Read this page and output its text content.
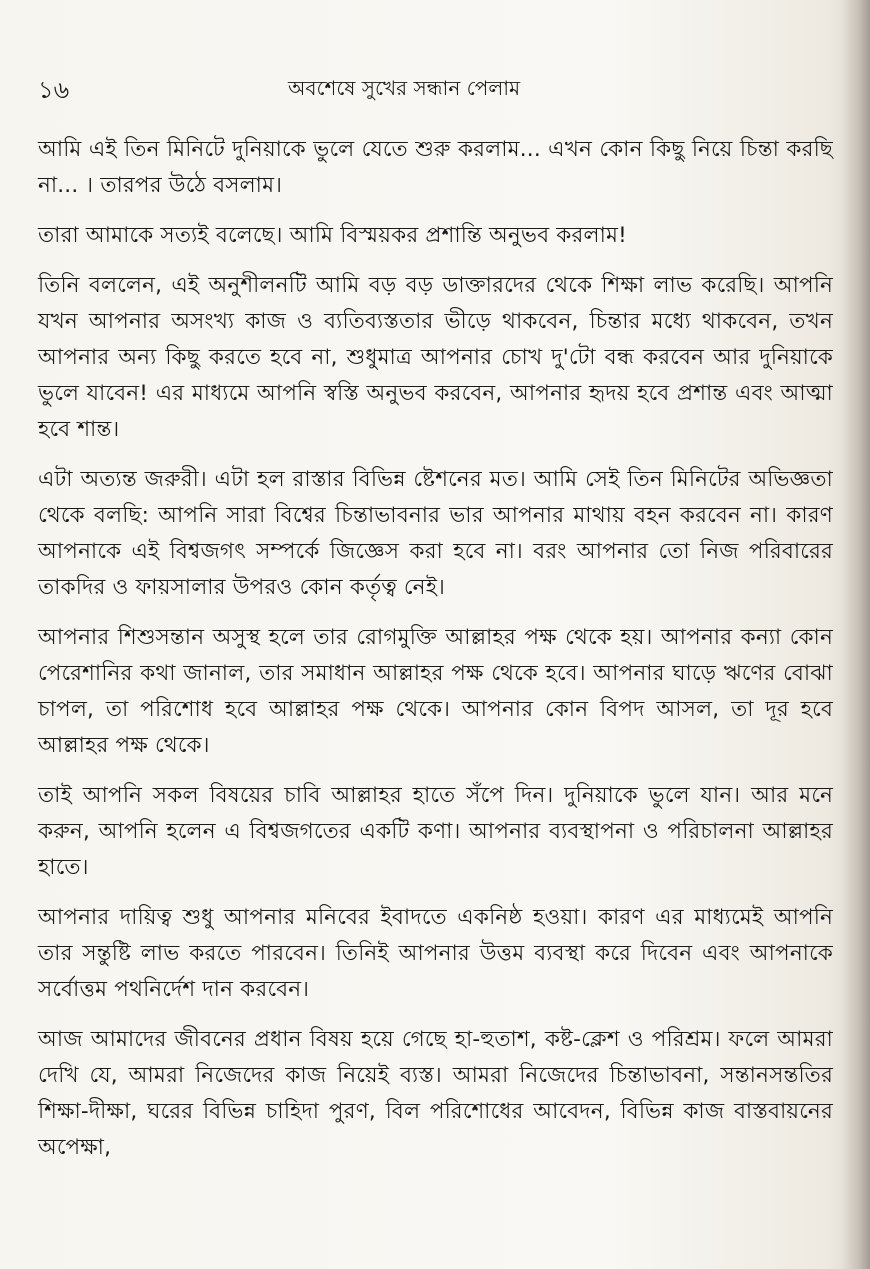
১৬	অবশেষে সুখের সন্ধান পেলাম

আমি এই তিন মিনিটে দুনিয়াকে ভুলে যেতে শুরু করলাম... এখন কোন কিছু নিয়ে চিন্তা করছি না... । তারপর উঠে বসলাম।

তারা আমাকে সত্যই বলেছে। আমি বিস্ময়কর প্রশান্তি অনুভব করলাম!

তিনি বললেন, এই অনুশীলনটি আমি বড় বড় ডাক্তারদের থেকে শিক্ষা লাভ করেছি। আপনি যখন আপনার অসংখ্য কাজ ও ব্যতিব্যস্ততার ভীড়ে থাকবেন, চিন্তার মধ্যে থাকবেন, তখন আপনার অন্য কিছু করতে হবে না, শুধুমাত্র আপনার চোখ দু'টো বন্ধ করবেন আর দুনিয়াকে ভুলে যাবেন! এর মাধ্যমে আপনি স্বস্তি অনুভব করবেন, আপনার হৃদয় হবে প্রশান্ত এবং আত্মা হবে শান্ত।

এটা অত্যন্ত জরুরী। এটা হল রাস্তার বিভিন্ন ষ্টেশনের মত। আমি সেই তিন মিনিটের অভিজ্ঞতা থেকে বলছি: আপনি সারা বিশ্বের চিন্তাভাবনার ভার আপনার মাথায় বহন করবেন না। কারণ আপনাকে এই বিশ্বজগৎ সম্পর্কে জিজ্ঞেস করা হবে না। বরং আপনার তো নিজ পরিবারের তাকদির ও ফায়সালার উপরও কোন কর্তৃত্ব নেই।

আপনার শিশুসন্তান অসুস্থ হলে তার রোগমুক্তি আল্লাহর পক্ষ থেকে হয়। আপনার কন্যা কোন পেরেশানির কথা জানাল, তার সমাধান আল্লাহর পক্ষ থেকে হবে। আপনার ঘাড়ে ঋণের বোঝা চাপল, তা পরিশোধ হবে আল্লাহর পক্ষ থেকে। আপনার কোন বিপদ আসল, তা দূর হবে আল্লাহর পক্ষ থেকে।

তাই আপনি সকল বিষয়ের চাবি আল্লাহর হাতে সঁপে দিন। দুনিয়াকে ভুলে যান। আর মনে করুন, আপনি হলেন এ বিশ্বজগতের একটি কণা। আপনার ব্যবস্থাপনা ও পরিচালনা আল্লাহর হাতে।

আপনার দায়িত্ব শুধু আপনার মনিবের ইবাদতে একনিষ্ঠ হওয়া। কারণ এর মাধ্যমেই আপনি তার সন্তুষ্টি লাভ করতে পারবেন। তিনিই আপনার উত্তম ব্যবস্থা করে দিবেন এবং আপনাকে সর্বোত্তম পথনির্দেশ দান করবেন।

আজ আমাদের জীবনের প্রধান বিষয় হয়ে গেছে হা-হুতাশ, কষ্ট-ক্লেশ ও পরিশ্রম। ফলে আমরা দেখি যে, আমরা নিজেদের কাজ নিয়েই ব্যস্ত। আমরা নিজেদের চিন্তাভাবনা, সন্তানসন্ততির শিক্ষা-দীক্ষা, ঘরের বিভিন্ন চাহিদা পুরণ, বিল পরিশোধের আবেদন, বিভিন্ন কাজ বাস্তবায়নের অপেক্ষা,
